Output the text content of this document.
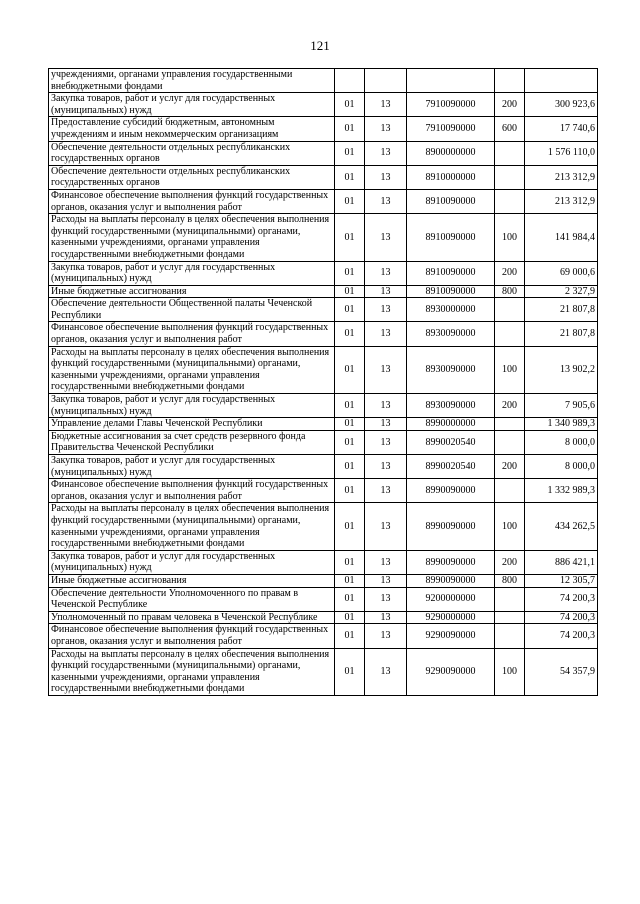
121
учреждениями, органами управления государственными внебюджетными фондами					
Закупка товаров, работ и услуг для государственных (муниципальных) нужд	01	13	7910090000	200	300 923,6
Предоставление субсидий бюджетным, автономным учреждениям и иным некоммерческим организациям	01	13	7910090000	600	17 740,6
Обеспечение деятельности отдельных республиканских государственных органов	01	13	8900000000		1 576 110,0
Обеспечение деятельности отдельных республиканских государственных органов	01	13	8910000000		213 312,9
Финансовое обеспечение выполнения функций государственных органов, оказания услуг и выполнения работ	01	13	8910090000		213 312,9
Расходы на выплаты персоналу в целях обеспечения выполнения функций государственными (муниципальными) органами, казенными учреждениями, органами управления государственными внебюджетными фондами	01	13	8910090000	100	141 984,4
Закупка товаров, работ и услуг для государственных (муниципальных) нужд	01	13	8910090000	200	69 000,6
Иные бюджетные ассигнования	01	13	8910090000	800	2 327,9
Обеспечение деятельности Общественной палаты Чеченской Республики	01	13	8930000000		21 807,8
Финансовое обеспечение выполнения функций государственных органов, оказания услуг и выполнения работ	01	13	8930090000		21 807,8
Расходы на выплаты персоналу в целях обеспечения выполнения функций государственными (муниципальными) органами, казенными учреждениями, органами управления государственными внебюджетными фондами	01	13	8930090000	100	13 902,2
Закупка товаров, работ и услуг для государственных (муниципальных) нужд	01	13	8930090000	200	7 905,6
Управление делами Главы Чеченской Республики	01	13	8990000000		1 340 989,3
Бюджетные ассигнования за счет средств резервного фонда Правительства Чеченской Республики	01	13	8990020540		8 000,0
Закупка товаров, работ и услуг для государственных (муниципальных) нужд	01	13	8990020540	200	8 000,0
Финансовое обеспечение выполнения функций государственных органов, оказания услуг и выполнения работ	01	13	8990090000		1 332 989,3
Расходы на выплаты персоналу в целях обеспечения выполнения функций государственными (муниципальными) органами, казенными учреждениями, органами управления государственными внебюджетными фондами	01	13	8990090000	100	434 262,5
Закупка товаров, работ и услуг для государственных (муниципальных) нужд	01	13	8990090000	200	886 421,1
Иные бюджетные ассигнования	01	13	8990090000	800	12 305,7
Обеспечение деятельности Уполномоченного по правам в Чеченской Республике	01	13	9200000000		74 200,3
Уполномоченный по правам человека в Чеченской Республике	01	13	9290000000		74 200,3
Финансовое обеспечение выполнения функций государственных органов, оказания услуг и выполнения работ	01	13	9290090000		74 200,3
Расходы на выплаты персоналу в целях обеспечения выполнения функций государственными (муниципальными) органами, казенными учреждениями, органами управления государственными внебюджетными фондами	01	13	9290090000	100	54 357,9
